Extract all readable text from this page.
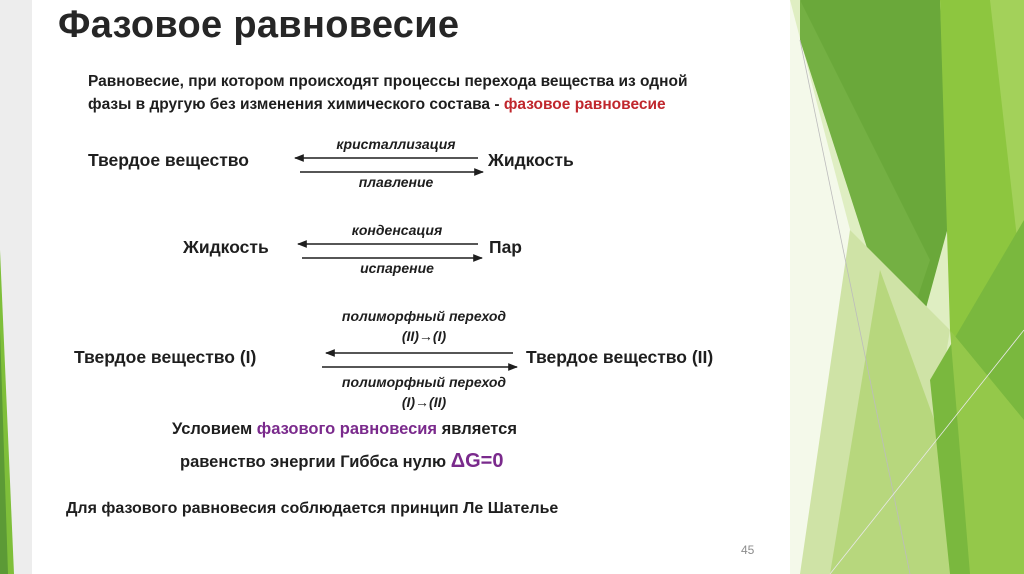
Фазовое равновесие
Равновесие, при котором происходят процессы перехода вещества из одной
фазы в другую без изменения химического состава - фазовое равновесие
Твердое вещество	Жидкость
кристаллизация
плавление
Жидкость	Пар
конденсация
испарение
Твердое вещество (I)	Твердое вещество (II)
полиморфный переход
(II)→(I)
полиморфный переход
(I)→(II)
Условием фазового равновесия является
равенство энергии Гиббса нулю ΔG=0
Для фазового равновесия соблюдается принцип Ле Шателье
45
